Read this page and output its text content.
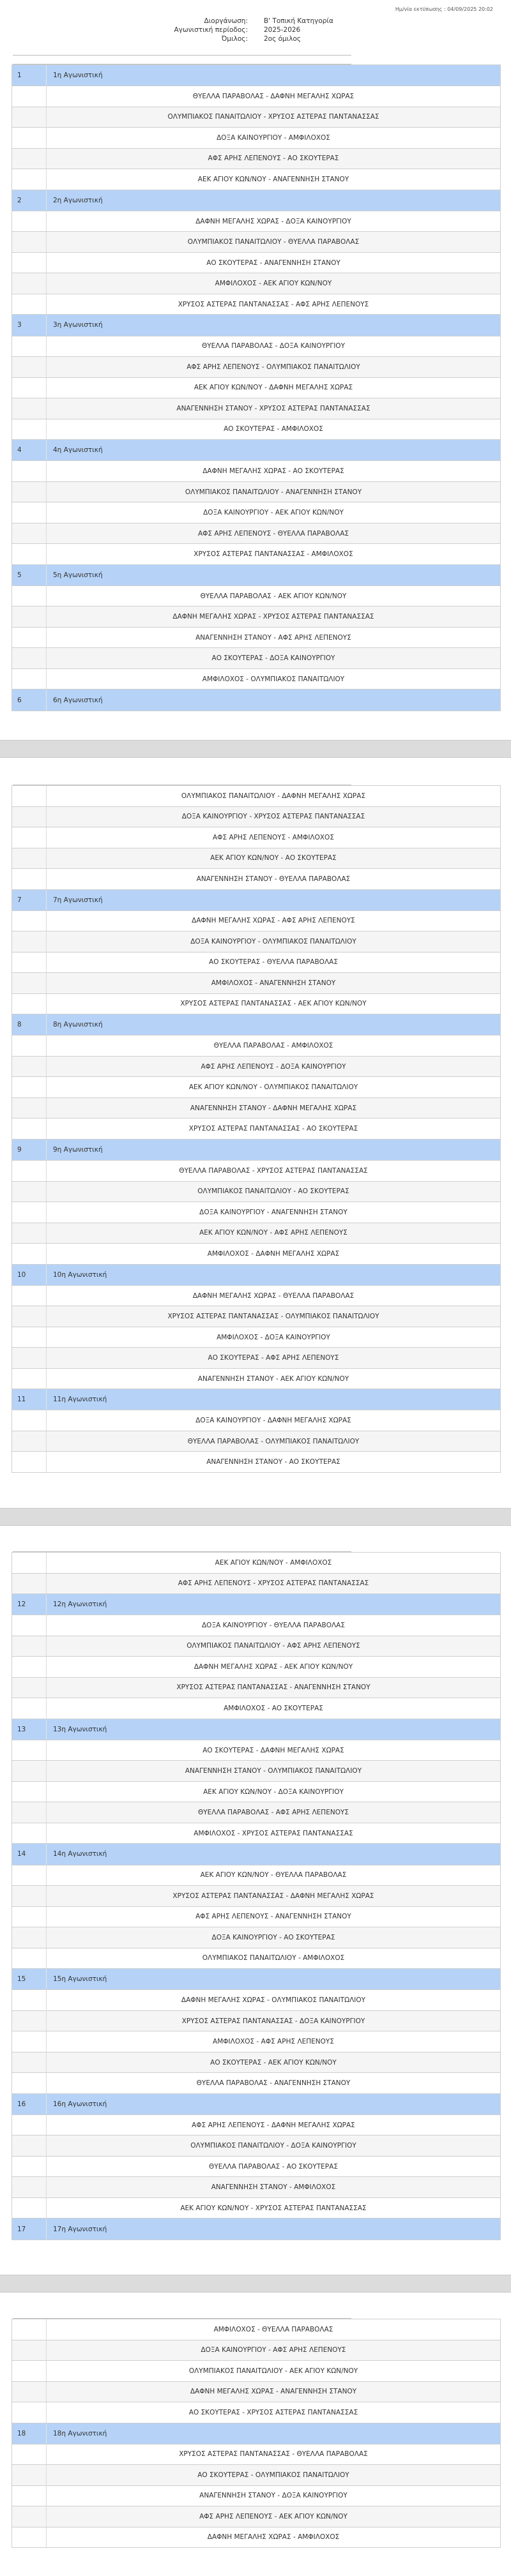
Ημ/νία εκτύπωσης : 04/09/2025 20:02
Διοργάνωση: Β' Τοπική Κατηγορία
Αγωνιστική περίοδος: 2025-2026
Όμιλος: 2ος όμιλος
1	1η Αγωνιστική
ΘΥΕΛΛΑ ΠΑΡΑΒΟΛΑΣ - ΔΑΦΝΗ ΜΕΓΑΛΗΣ ΧΩΡΑΣ
ΟΛΥΜΠΙΑΚΟΣ ΠΑΝΑΙΤΩΛΙΟΥ - ΧΡΥΣΟΣ ΑΣΤΕΡΑΣ ΠΑΝΤΑΝΑΣΣΑΣ
ΔΟΞΑ ΚΑΙΝΟΥΡΓΙΟΥ - ΑΜΦΙΛΟΧΟΣ
ΑΦΣ ΑΡΗΣ ΛΕΠΕΝΟΥΣ - ΑΟ ΣΚΟΥΤΕΡΑΣ
ΑΕΚ ΑΓΙΟΥ ΚΩΝ/ΝΟΥ - ΑΝΑΓΕΝΝΗΣΗ ΣΤΑΝΟΥ
2	2η Αγωνιστική
ΔΑΦΝΗ ΜΕΓΑΛΗΣ ΧΩΡΑΣ - ΔΟΞΑ ΚΑΙΝΟΥΡΓΙΟΥ
ΟΛΥΜΠΙΑΚΟΣ ΠΑΝΑΙΤΩΛΙΟΥ - ΘΥΕΛΛΑ ΠΑΡΑΒΟΛΑΣ
ΑΟ ΣΚΟΥΤΕΡΑΣ - ΑΝΑΓΕΝΝΗΣΗ ΣΤΑΝΟΥ
ΑΜΦΙΛΟΧΟΣ - ΑΕΚ ΑΓΙΟΥ ΚΩΝ/ΝΟΥ
ΧΡΥΣΟΣ ΑΣΤΕΡΑΣ ΠΑΝΤΑΝΑΣΣΑΣ - ΑΦΣ ΑΡΗΣ ΛΕΠΕΝΟΥΣ
3	3η Αγωνιστική
ΘΥΕΛΛΑ ΠΑΡΑΒΟΛΑΣ - ΔΟΞΑ ΚΑΙΝΟΥΡΓΙΟΥ
ΑΦΣ ΑΡΗΣ ΛΕΠΕΝΟΥΣ - ΟΛΥΜΠΙΑΚΟΣ ΠΑΝΑΙΤΩΛΙΟΥ
ΑΕΚ ΑΓΙΟΥ ΚΩΝ/ΝΟΥ - ΔΑΦΝΗ ΜΕΓΑΛΗΣ ΧΩΡΑΣ
ΑΝΑΓΕΝΝΗΣΗ ΣΤΑΝΟΥ - ΧΡΥΣΟΣ ΑΣΤΕΡΑΣ ΠΑΝΤΑΝΑΣΣΑΣ
ΑΟ ΣΚΟΥΤΕΡΑΣ - ΑΜΦΙΛΟΧΟΣ
4	4η Αγωνιστική
ΔΑΦΝΗ ΜΕΓΑΛΗΣ ΧΩΡΑΣ - ΑΟ ΣΚΟΥΤΕΡΑΣ
ΟΛΥΜΠΙΑΚΟΣ ΠΑΝΑΙΤΩΛΙΟΥ - ΑΝΑΓΕΝΝΗΣΗ ΣΤΑΝΟΥ
ΔΟΞΑ ΚΑΙΝΟΥΡΓΙΟΥ - ΑΕΚ ΑΓΙΟΥ ΚΩΝ/ΝΟΥ
ΑΦΣ ΑΡΗΣ ΛΕΠΕΝΟΥΣ - ΘΥΕΛΛΑ ΠΑΡΑΒΟΛΑΣ
ΧΡΥΣΟΣ ΑΣΤΕΡΑΣ ΠΑΝΤΑΝΑΣΣΑΣ - ΑΜΦΙΛΟΧΟΣ
5	5η Αγωνιστική
ΘΥΕΛΛΑ ΠΑΡΑΒΟΛΑΣ - ΑΕΚ ΑΓΙΟΥ ΚΩΝ/ΝΟΥ
ΔΑΦΝΗ ΜΕΓΑΛΗΣ ΧΩΡΑΣ - ΧΡΥΣΟΣ ΑΣΤΕΡΑΣ ΠΑΝΤΑΝΑΣΣΑΣ
ΑΝΑΓΕΝΝΗΣΗ ΣΤΑΝΟΥ - ΑΦΣ ΑΡΗΣ ΛΕΠΕΝΟΥΣ
ΑΟ ΣΚΟΥΤΕΡΑΣ - ΔΟΞΑ ΚΑΙΝΟΥΡΓΙΟΥ
ΑΜΦΙΛΟΧΟΣ - ΟΛΥΜΠΙΑΚΟΣ ΠΑΝΑΙΤΩΛΙΟΥ
6	6η Αγωνιστική
ΟΛΥΜΠΙΑΚΟΣ ΠΑΝΑΙΤΩΛΙΟΥ - ΔΑΦΝΗ ΜΕΓΑΛΗΣ ΧΩΡΑΣ
ΔΟΞΑ ΚΑΙΝΟΥΡΓΙΟΥ - ΧΡΥΣΟΣ ΑΣΤΕΡΑΣ ΠΑΝΤΑΝΑΣΣΑΣ
ΑΦΣ ΑΡΗΣ ΛΕΠΕΝΟΥΣ - ΑΜΦΙΛΟΧΟΣ
ΑΕΚ ΑΓΙΟΥ ΚΩΝ/ΝΟΥ - ΑΟ ΣΚΟΥΤΕΡΑΣ
ΑΝΑΓΕΝΝΗΣΗ ΣΤΑΝΟΥ - ΘΥΕΛΛΑ ΠΑΡΑΒΟΛΑΣ
7	7η Αγωνιστική
ΔΑΦΝΗ ΜΕΓΑΛΗΣ ΧΩΡΑΣ - ΑΦΣ ΑΡΗΣ ΛΕΠΕΝΟΥΣ
ΔΟΞΑ ΚΑΙΝΟΥΡΓΙΟΥ - ΟΛΥΜΠΙΑΚΟΣ ΠΑΝΑΙΤΩΛΙΟΥ
ΑΟ ΣΚΟΥΤΕΡΑΣ - ΘΥΕΛΛΑ ΠΑΡΑΒΟΛΑΣ
ΑΜΦΙΛΟΧΟΣ - ΑΝΑΓΕΝΝΗΣΗ ΣΤΑΝΟΥ
ΧΡΥΣΟΣ ΑΣΤΕΡΑΣ ΠΑΝΤΑΝΑΣΣΑΣ - ΑΕΚ ΑΓΙΟΥ ΚΩΝ/ΝΟΥ
8	8η Αγωνιστική
ΘΥΕΛΛΑ ΠΑΡΑΒΟΛΑΣ - ΑΜΦΙΛΟΧΟΣ
ΑΦΣ ΑΡΗΣ ΛΕΠΕΝΟΥΣ - ΔΟΞΑ ΚΑΙΝΟΥΡΓΙΟΥ
ΑΕΚ ΑΓΙΟΥ ΚΩΝ/ΝΟΥ - ΟΛΥΜΠΙΑΚΟΣ ΠΑΝΑΙΤΩΛΙΟΥ
ΑΝΑΓΕΝΝΗΣΗ ΣΤΑΝΟΥ - ΔΑΦΝΗ ΜΕΓΑΛΗΣ ΧΩΡΑΣ
ΧΡΥΣΟΣ ΑΣΤΕΡΑΣ ΠΑΝΤΑΝΑΣΣΑΣ - ΑΟ ΣΚΟΥΤΕΡΑΣ
9	9η Αγωνιστική
ΘΥΕΛΛΑ ΠΑΡΑΒΟΛΑΣ - ΧΡΥΣΟΣ ΑΣΤΕΡΑΣ ΠΑΝΤΑΝΑΣΣΑΣ
ΟΛΥΜΠΙΑΚΟΣ ΠΑΝΑΙΤΩΛΙΟΥ - ΑΟ ΣΚΟΥΤΕΡΑΣ
ΔΟΞΑ ΚΑΙΝΟΥΡΓΙΟΥ - ΑΝΑΓΕΝΝΗΣΗ ΣΤΑΝΟΥ
ΑΕΚ ΑΓΙΟΥ ΚΩΝ/ΝΟΥ - ΑΦΣ ΑΡΗΣ ΛΕΠΕΝΟΥΣ
ΑΜΦΙΛΟΧΟΣ - ΔΑΦΝΗ ΜΕΓΑΛΗΣ ΧΩΡΑΣ
10	10η Αγωνιστική
ΔΑΦΝΗ ΜΕΓΑΛΗΣ ΧΩΡΑΣ - ΘΥΕΛΛΑ ΠΑΡΑΒΟΛΑΣ
ΧΡΥΣΟΣ ΑΣΤΕΡΑΣ ΠΑΝΤΑΝΑΣΣΑΣ - ΟΛΥΜΠΙΑΚΟΣ ΠΑΝΑΙΤΩΛΙΟΥ
ΑΜΦΙΛΟΧΟΣ - ΔΟΞΑ ΚΑΙΝΟΥΡΓΙΟΥ
ΑΟ ΣΚΟΥΤΕΡΑΣ - ΑΦΣ ΑΡΗΣ ΛΕΠΕΝΟΥΣ
ΑΝΑΓΕΝΝΗΣΗ ΣΤΑΝΟΥ - ΑΕΚ ΑΓΙΟΥ ΚΩΝ/ΝΟΥ
11	11η Αγωνιστική
ΔΟΞΑ ΚΑΙΝΟΥΡΓΙΟΥ - ΔΑΦΝΗ ΜΕΓΑΛΗΣ ΧΩΡΑΣ
ΘΥΕΛΛΑ ΠΑΡΑΒΟΛΑΣ - ΟΛΥΜΠΙΑΚΟΣ ΠΑΝΑΙΤΩΛΙΟΥ
ΑΝΑΓΕΝΝΗΣΗ ΣΤΑΝΟΥ - ΑΟ ΣΚΟΥΤΕΡΑΣ
ΑΕΚ ΑΓΙΟΥ ΚΩΝ/ΝΟΥ - ΑΜΦΙΛΟΧΟΣ
ΑΦΣ ΑΡΗΣ ΛΕΠΕΝΟΥΣ - ΧΡΥΣΟΣ ΑΣΤΕΡΑΣ ΠΑΝΤΑΝΑΣΣΑΣ
12	12η Αγωνιστική
ΔΟΞΑ ΚΑΙΝΟΥΡΓΙΟΥ - ΘΥΕΛΛΑ ΠΑΡΑΒΟΛΑΣ
ΟΛΥΜΠΙΑΚΟΣ ΠΑΝΑΙΤΩΛΙΟΥ - ΑΦΣ ΑΡΗΣ ΛΕΠΕΝΟΥΣ
ΔΑΦΝΗ ΜΕΓΑΛΗΣ ΧΩΡΑΣ - ΑΕΚ ΑΓΙΟΥ ΚΩΝ/ΝΟΥ
ΧΡΥΣΟΣ ΑΣΤΕΡΑΣ ΠΑΝΤΑΝΑΣΣΑΣ - ΑΝΑΓΕΝΝΗΣΗ ΣΤΑΝΟΥ
ΑΜΦΙΛΟΧΟΣ - ΑΟ ΣΚΟΥΤΕΡΑΣ
13	13η Αγωνιστική
ΑΟ ΣΚΟΥΤΕΡΑΣ - ΔΑΦΝΗ ΜΕΓΑΛΗΣ ΧΩΡΑΣ
ΑΝΑΓΕΝΝΗΣΗ ΣΤΑΝΟΥ - ΟΛΥΜΠΙΑΚΟΣ ΠΑΝΑΙΤΩΛΙΟΥ
ΑΕΚ ΑΓΙΟΥ ΚΩΝ/ΝΟΥ - ΔΟΞΑ ΚΑΙΝΟΥΡΓΙΟΥ
ΘΥΕΛΛΑ ΠΑΡΑΒΟΛΑΣ - ΑΦΣ ΑΡΗΣ ΛΕΠΕΝΟΥΣ
ΑΜΦΙΛΟΧΟΣ - ΧΡΥΣΟΣ ΑΣΤΕΡΑΣ ΠΑΝΤΑΝΑΣΣΑΣ
14	14η Αγωνιστική
ΑΕΚ ΑΓΙΟΥ ΚΩΝ/ΝΟΥ - ΘΥΕΛΛΑ ΠΑΡΑΒΟΛΑΣ
ΧΡΥΣΟΣ ΑΣΤΕΡΑΣ ΠΑΝΤΑΝΑΣΣΑΣ - ΔΑΦΝΗ ΜΕΓΑΛΗΣ ΧΩΡΑΣ
ΑΦΣ ΑΡΗΣ ΛΕΠΕΝΟΥΣ - ΑΝΑΓΕΝΝΗΣΗ ΣΤΑΝΟΥ
ΔΟΞΑ ΚΑΙΝΟΥΡΓΙΟΥ - ΑΟ ΣΚΟΥΤΕΡΑΣ
ΟΛΥΜΠΙΑΚΟΣ ΠΑΝΑΙΤΩΛΙΟΥ - ΑΜΦΙΛΟΧΟΣ
15	15η Αγωνιστική
ΔΑΦΝΗ ΜΕΓΑΛΗΣ ΧΩΡΑΣ - ΟΛΥΜΠΙΑΚΟΣ ΠΑΝΑΙΤΩΛΙΟΥ
ΧΡΥΣΟΣ ΑΣΤΕΡΑΣ ΠΑΝΤΑΝΑΣΣΑΣ - ΔΟΞΑ ΚΑΙΝΟΥΡΓΙΟΥ
ΑΜΦΙΛΟΧΟΣ - ΑΦΣ ΑΡΗΣ ΛΕΠΕΝΟΥΣ
ΑΟ ΣΚΟΥΤΕΡΑΣ - ΑΕΚ ΑΓΙΟΥ ΚΩΝ/ΝΟΥ
ΘΥΕΛΛΑ ΠΑΡΑΒΟΛΑΣ - ΑΝΑΓΕΝΝΗΣΗ ΣΤΑΝΟΥ
16	16η Αγωνιστική
ΑΦΣ ΑΡΗΣ ΛΕΠΕΝΟΥΣ - ΔΑΦΝΗ ΜΕΓΑΛΗΣ ΧΩΡΑΣ
ΟΛΥΜΠΙΑΚΟΣ ΠΑΝΑΙΤΩΛΙΟΥ - ΔΟΞΑ ΚΑΙΝΟΥΡΓΙΟΥ
ΘΥΕΛΛΑ ΠΑΡΑΒΟΛΑΣ - ΑΟ ΣΚΟΥΤΕΡΑΣ
ΑΝΑΓΕΝΝΗΣΗ ΣΤΑΝΟΥ - ΑΜΦΙΛΟΧΟΣ
ΑΕΚ ΑΓΙΟΥ ΚΩΝ/ΝΟΥ - ΧΡΥΣΟΣ ΑΣΤΕΡΑΣ ΠΑΝΤΑΝΑΣΣΑΣ
17	17η Αγωνιστική
ΑΜΦΙΛΟΧΟΣ - ΘΥΕΛΛΑ ΠΑΡΑΒΟΛΑΣ
ΔΟΞΑ ΚΑΙΝΟΥΡΓΙΟΥ - ΑΦΣ ΑΡΗΣ ΛΕΠΕΝΟΥΣ
ΟΛΥΜΠΙΑΚΟΣ ΠΑΝΑΙΤΩΛΙΟΥ - ΑΕΚ ΑΓΙΟΥ ΚΩΝ/ΝΟΥ
ΔΑΦΝΗ ΜΕΓΑΛΗΣ ΧΩΡΑΣ - ΑΝΑΓΕΝΝΗΣΗ ΣΤΑΝΟΥ
ΑΟ ΣΚΟΥΤΕΡΑΣ - ΧΡΥΣΟΣ ΑΣΤΕΡΑΣ ΠΑΝΤΑΝΑΣΣΑΣ
18	18η Αγωνιστική
ΧΡΥΣΟΣ ΑΣΤΕΡΑΣ ΠΑΝΤΑΝΑΣΣΑΣ - ΘΥΕΛΛΑ ΠΑΡΑΒΟΛΑΣ
ΑΟ ΣΚΟΥΤΕΡΑΣ - ΟΛΥΜΠΙΑΚΟΣ ΠΑΝΑΙΤΩΛΙΟΥ
ΑΝΑΓΕΝΝΗΣΗ ΣΤΑΝΟΥ - ΔΟΞΑ ΚΑΙΝΟΥΡΓΙΟΥ
ΑΦΣ ΑΡΗΣ ΛΕΠΕΝΟΥΣ - ΑΕΚ ΑΓΙΟΥ ΚΩΝ/ΝΟΥ
ΔΑΦΝΗ ΜΕΓΑΛΗΣ ΧΩΡΑΣ - ΑΜΦΙΛΟΧΟΣ
